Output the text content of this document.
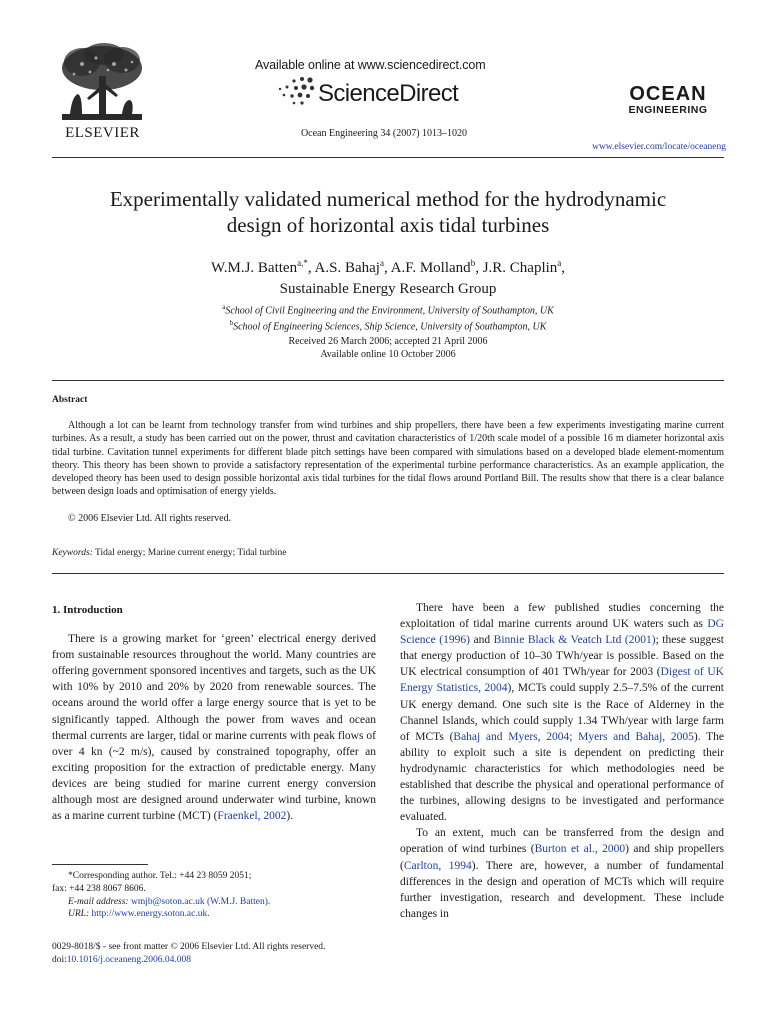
ELSEVIER
Available online at www.sciencedirect.com
ScienceDirect
Ocean Engineering 34 (2007) 1013–1020
OCEAN
ENGINEERING
www.elsevier.com/locate/oceaneng
Experimentally validated numerical method for the hydrodynamic
design of horizontal axis tidal turbines
W.M.J. Batten$^{a,*}$, A.S. Bahaj$^a$, A.F. Molland$^b$, J.R. Chaplin$^a$,
Sustainable Energy Research Group
$^a$School of Civil Engineering and the Environment, University of Southampton, UK
$^b$School of Engineering Sciences, Ship Science, University of Southampton, UK
Received 26 March 2006; accepted 21 April 2006
Available online 10 October 2006
Abstract
Although a lot can be learnt from technology transfer from wind turbines and ship propellers, there have been a few experiments investigating marine current turbines. As a result, a study has been carried out on the power, thrust and cavitation characteristics of 1/20th scale model of a possible 16 m diameter horizontal axis tidal turbine. Cavitation tunnel experiments for different blade pitch settings have been compared with simulations based on a developed blade element-momentum theory. This theory has been shown to provide a satisfactory representation of the experimental turbine performance characteristics. As an example application, the developed theory has been used to design possible horizontal axis tidal turbines for the tidal flows around Portland Bill. The results show that there is a clear balance between design loads and optimisation of energy yields.
© 2006 Elsevier Ltd. All rights reserved.
Keywords: Tidal energy; Marine current energy; Tidal turbine
1. Introduction

There is a growing market for ‘green’ electrical energy derived from sustainable resources throughout the world. Many countries are offering government sponsored incentives and targets, such as the UK with 10% by 2010 and 20% by 2020 from renewable sources. The oceans around the world offer a large energy source that is yet to be significantly tapped. Although the power from waves and ocean thermal currents are larger, tidal or marine currents with peak flows of over 4 kn (~2 m/s), caused by constrained topography, offer an exciting proposition for the extraction of predictable energy. Many devices are being studied for marine current energy conversion although most are designed around underwater wind turbine, known as a marine current turbine (MCT) (Fraenkel, 2002).

There have been a few published studies concerning the exploitation of tidal marine currents around UK waters such as DG Science (1996) and Binnie Black & Veatch Ltd (2001); these suggest that energy production of 10–30 TWh/year is possible. Based on the UK electrical consumption of 401 TWh/year for 2003 (Digest of UK Energy Statistics, 2004), MCTs could supply 2.5–7.5% of the current UK energy demand. One such site is the Race of Alderney in the Channel Islands, which could supply 1.34 TWh/year with large farm of MCTs (Bahaj and Myers, 2004; Myers and Bahaj, 2005). The ability to exploit such a site is dependent on predicting their hydrodynamic characteristics for which methodologies need be established that describe the physical and operational performance of the turbines, allowing designs to be investigated and performance evaluated.

To an extent, much can be transferred from the design and operation of wind turbines (Burton et al., 2000) and ship propellers (Carlton, 1994). There are, however, a number of fundamental differences in the design and operation of MCTs which will require further investigation, research and development. These include changes in

*Corresponding author. Tel.: +44 23 8059 2051;
fax: +44 238 8067 8606.
E-mail address: wmjb@soton.ac.uk (W.M.J. Batten).
URL: http://www.energy.soton.ac.uk.
0029-8018/$ - see front matter © 2006 Elsevier Ltd. All rights reserved.
doi:10.1016/j.oceaneng.2006.04.008
